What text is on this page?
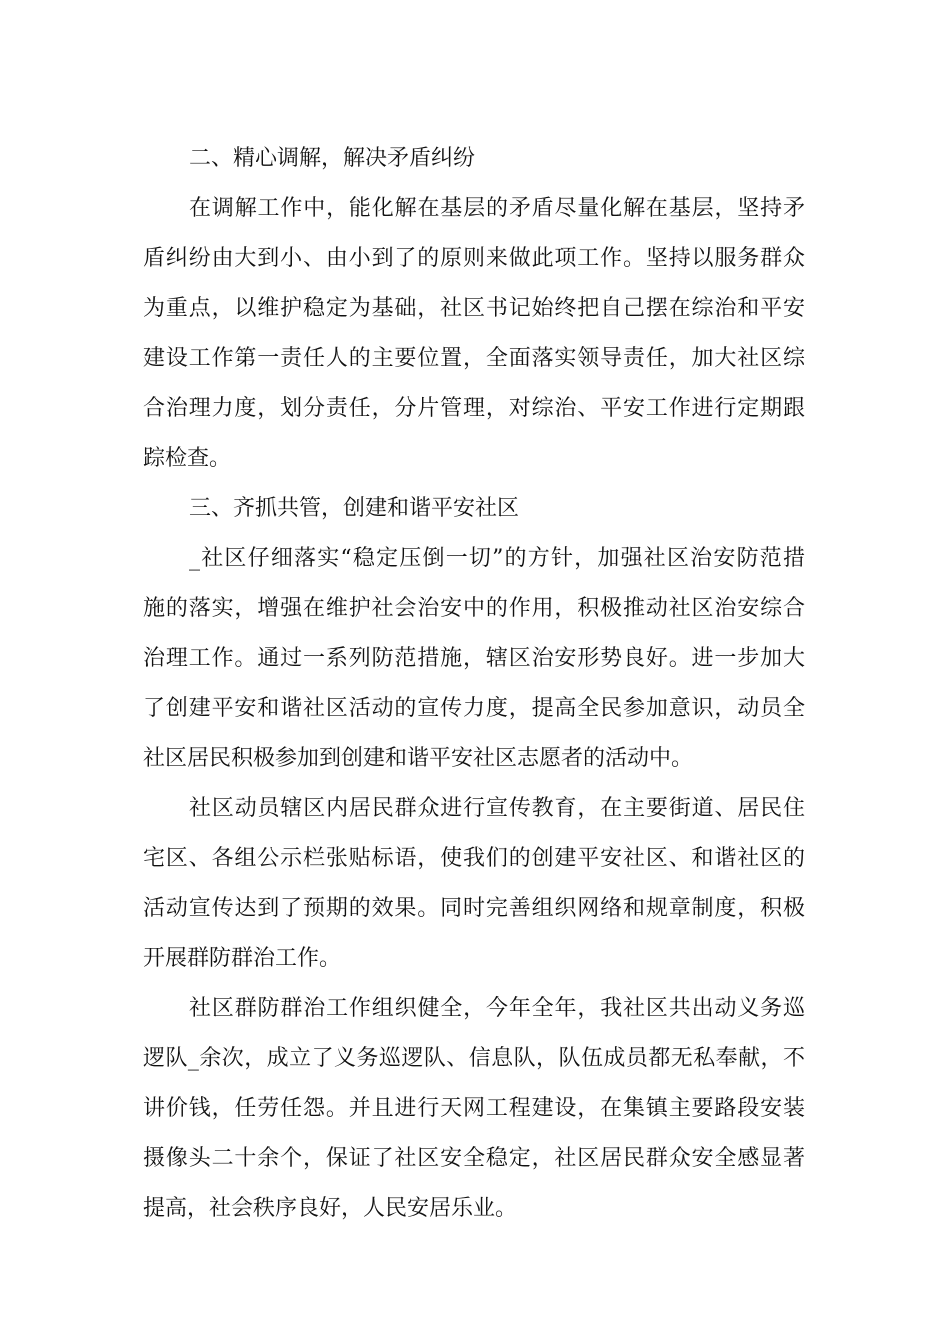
二、精心调解，解决矛盾纠纷
在调解工作中，能化解在基层的矛盾尽量化解在基层，坚持矛
盾纠纷由大到小、由小到了的原则来做此项工作。坚持以服务群众
为重点，以维护稳定为基础，社区书记始终把自己摆在综治和平安
建设工作第一责任人的主要位置，全面落实领导责任，加大社区综
合治理力度，划分责任，分片管理，对综治、平安工作进行定期跟
踪检查。
三、齐抓共管，创建和谐平安社区
_社区仔细落实“稳定压倒一切”的方针，加强社区治安防范措
施的落实，增强在维护社会治安中的作用，积极推动社区治安综合
治理工作。通过一系列防范措施，辖区治安形势良好。进一步加大
了创建平安和谐社区活动的宣传力度，提高全民参加意识，动员全
社区居民积极参加到创建和谐平安社区志愿者的活动中。
社区动员辖区内居民群众进行宣传教育，在主要街道、居民住
宅区、各组公示栏张贴标语，使我们的创建平安社区、和谐社区的
活动宣传达到了预期的效果。同时完善组织网络和规章制度，积极
开展群防群治工作。
社区群防群治工作组织健全，今年全年，我社区共出动义务巡
逻队_余次，成立了义务巡逻队、信息队，队伍成员都无私奉献，不
讲价钱，任劳任怨。并且进行天网工程建设，在集镇主要路段安装
摄像头二十余个，保证了社区安全稳定，社区居民群众安全感显著
提高，社会秩序良好，人民安居乐业。
